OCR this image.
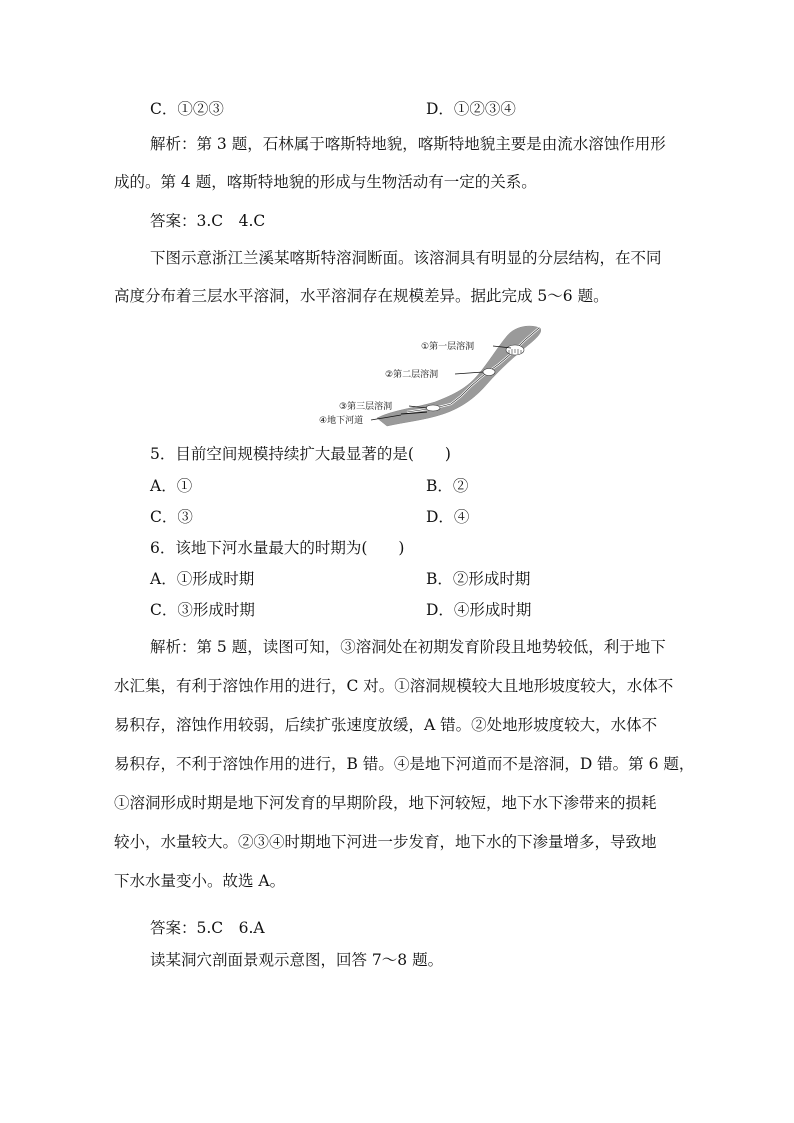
C．①②③	D．①②③④
解析：第 3 题，石林属于喀斯特地貌，喀斯特地貌主要是由流水溶蚀作用形
成的。第 4 题，喀斯特地貌的形成与生物活动有一定的关系。
答案：3.C　4.C
下图示意浙江兰溪某喀斯特溶洞断面。该溶洞具有明显的分层结构，在不同
高度分布着三层水平溶洞，水平溶洞存在规模差异。据此完成 5～6 题。
①第一层溶洞
②第二层溶洞
③第三层溶洞
④地下河道
5．目前空间规模持续扩大最显著的是(　　)
A．①	B．②
C．③	D．④
6．该地下河水量最大的时期为(　　)
A．①形成时期	B．②形成时期
C．③形成时期	D．④形成时期
解析：第 5 题，读图可知，③溶洞处在初期发育阶段且地势较低，利于地下
水汇集，有利于溶蚀作用的进行，C 对。①溶洞规模较大且地形坡度较大，水体不
易积存，溶蚀作用较弱，后续扩张速度放缓，A 错。②处地形坡度较大，水体不
易积存，不利于溶蚀作用的进行，B 错。④是地下河道而不是溶洞，D 错。第 6 题，
①溶洞形成时期是地下河发育的早期阶段，地下河较短，地下水下渗带来的损耗
较小，水量较大。②③④时期地下河进一步发育，地下水的下渗量增多，导致地
下水水量变小。故选 A。
答案：5.C　6.A
读某洞穴剖面景观示意图，回答 7～8 题。
